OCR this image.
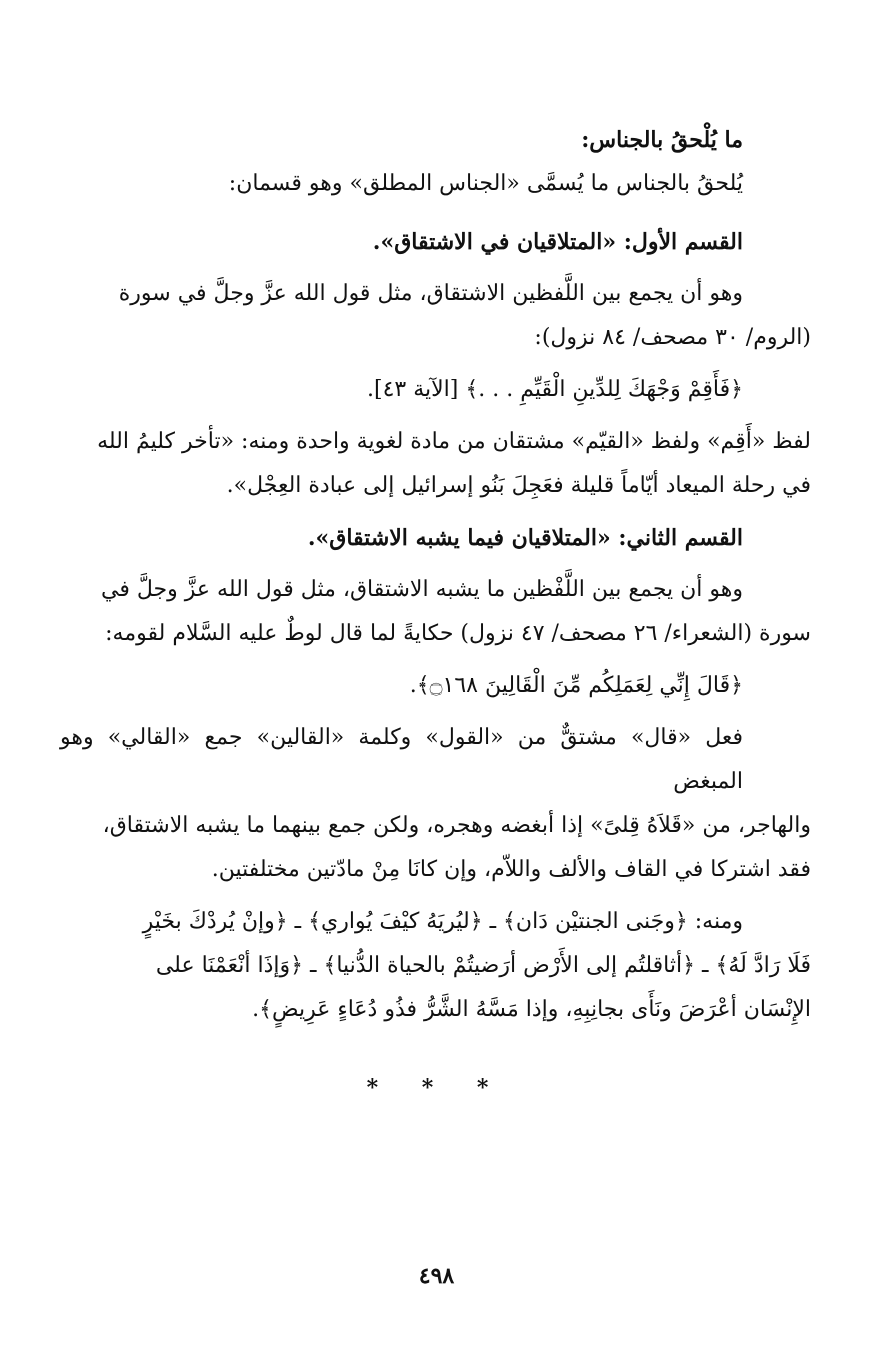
ما يُلْحقُ بالجناس:

يُلحقُ بالجناس ما يُسمَّى «الجناس المطلق» وهو قسمان:

القسم الأول: «المتلاقيان في الاشتقاق».

وهو أن يجمع بين اللَّفظين الاشتقاق، مثل قول الله عزَّ وجلَّ في سورة

(الروم/ ٣٠ مصحف/ ٨٤ نزول):

﴿فَأَقِمْ وَجْهَكَ لِلدِّينِ الْقَيِّمِ . . .﴾ [الآية ٤٣].

لفظ «أَقِم» ولفظ «القيّم» مشتقان من مادة لغوية واحدة ومنه: «تأخر كليمُ الله

في رحلة الميعاد أيّاماً قليلة فعَجِلَ بَنُو إسرائيل إلى عبادة العِجْل».

القسم الثاني: «المتلاقيان فيما يشبه الاشتقاق».

وهو أن يجمع بين اللَّفْظين ما يشبه الاشتقاق، مثل قول الله عزَّ وجلَّ في

سورة (الشعراء/ ٢٦ مصحف/ ٤٧ نزول) حكايةً لما قال لوطٌ عليه السَّلام لقومه:

﴿قَالَ إِنِّي لِعَمَلِكُم مِّنَ الْقَالِينَ ۝١٦٨﴾.

فعل «قال» مشتقٌّ من «القول» وكلمة «القالين» جمع «القالي» وهو المبغض

والهاجر، من «قَلاَهُ قِلىً» إذا أبغضه وهجره، ولكن جمع بينهما ما يشبه الاشتقاق،

فقد اشتركا في القاف والألف واللاّم، وإن كانَا مِنْ مادّتين مختلفتين.

ومنه: ﴿وجَنى الجنتيْن دَان﴾ ـ ﴿ليُريَهُ كيْفَ يُواري﴾ ـ ﴿وإنْ يُردْكَ بخَيْرٍ

فَلَا رَادَّ لَهُ﴾ ـ ﴿أثاقلتُم إلى الأَرْض أرَضيتُمْ بالحياة الدُّنيا﴾ ـ ﴿وَإذَا أنْعَمْنَا على

الإِنْسَان أعْرَضَ ونَأَى بجانِبِهِ، وإذا مَسَّهُ الشَّرُّ فذُو دُعَاءٍ عَرِيضٍ﴾.

* * *
٤٩٨
